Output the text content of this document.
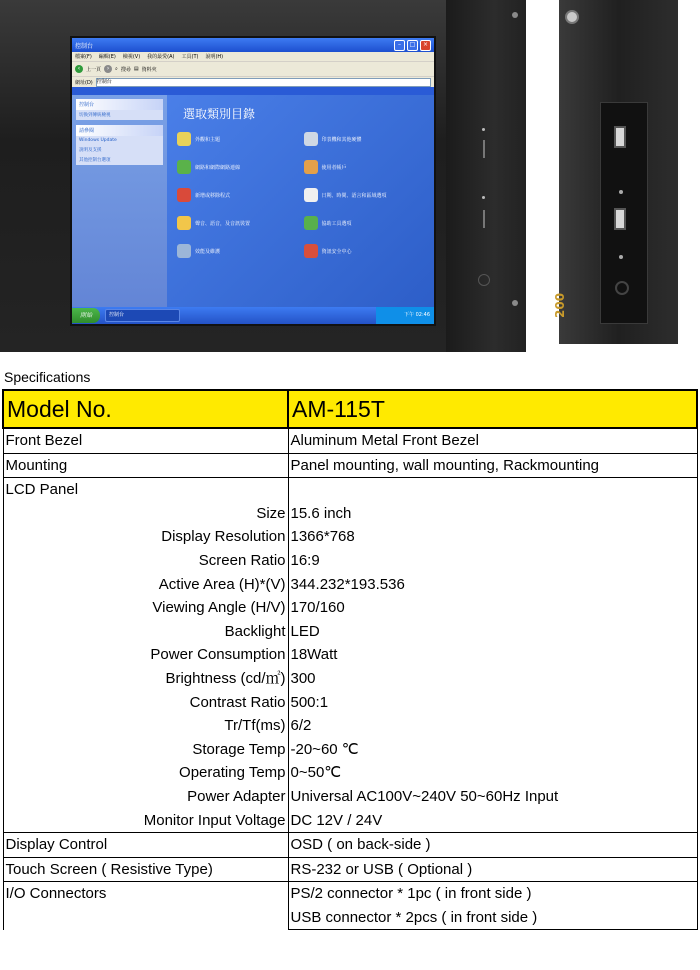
控制台	–	□	×
檔案(F) 編輯(E) 檢視(V) 我的最愛(A) 工具(T) 說明(H)
‹	上一頁 ›	⌕ 搜尋 ▤ 資料夾
網址(D) 控制台
控制台
切換到傳統檢視
請參閱
Windows Update
說明及支援
其他控制台選項
選取類別目錄
外觀和主題	印表機和其他硬體
網路和網際網路連線	使用者帳戶
新增或移除程式	日期、時間、語言和區域選項
聲音、語音，及音訊裝置	協助工具選項
效能及維護	資訊安全中心
開始	控制台	下午 02:46	200
Specifications
Model No.	AM-115T
Front Bezel	Aluminum Metal Front Bezel
Mounting	Panel mounting, wall mounting, Rackmounting
LCD Panel	
Size	15.6 inch
Display Resolution	1366*768
Screen Ratio	16:9
Active Area (H)*(V)	344.232*193.536
Viewing Angle (H/V)	170/160
Backlight	LED
Power Consumption	18Watt
Brightness (cd/㎡)	300
Contrast Ratio	500:1
Tr/Tf(ms)	6/2
Storage Temp	-20~60 ℃
Operating Temp	0~50℃
Power Adapter	Universal AC100V~240V 50~60Hz Input
Monitor Input Voltage	DC 12V / 24V
Display Control	OSD ( on back-side )
Touch Screen ( Resistive Type)	RS-232 or USB ( Optional )
I/O Connectors	PS/2 connector * 1pc ( in front side )
	USB connector * 2pcs ( in front side )
